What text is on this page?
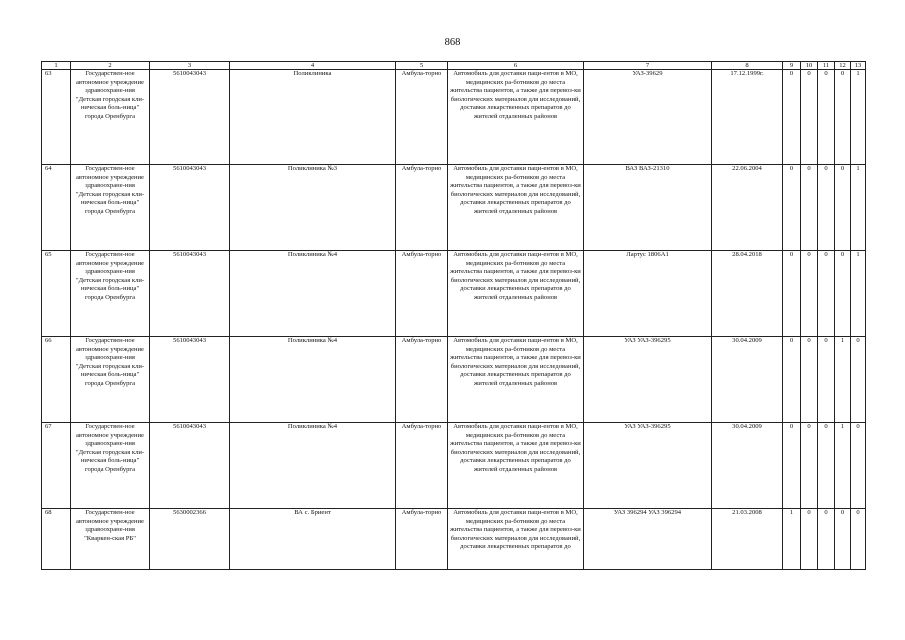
868
1	2	3	4	5	6	7	8	9	10	11	12	13
63	Государствен-ное автономное учреждение здравоохране-ния "Детская городская кли-ническая боль-ница" города Оренбурга	5610043043	Поликлиника	Амбула-торно	Автомобиль для доставки паци-ентов в МО, медицинских ра-ботников до места жительства пациентов, а также для перевоз-ки биологических материалов для исследований, доставки лекарственных препаратов до жителей отдаленных районов	УАЗ-39629	17.12.1999г.	0	0	0	0	1
64	Государствен-ное автономное учреждение здравоохране-ния "Детская городская кли-ническая боль-ница" города Оренбурга	5610043043	Поликлиника №3	Амбула-торно	Автомобиль для доставки паци-ентов в МО, медицинских ра-ботников до места жительства пациентов, а также для перевоз-ки биологических материалов для исследований, доставки лекарственных препаратов до жителей отдаленных районов	ВАЗ ВАЗ-21310	22.06.2004	0	0	0	0	1
65	Государствен-ное автономное учреждение здравоохране-ния "Детская городская кли-ническая боль-ница" города Оренбурга	5610043043	Поликлиника №4	Амбула-торно	Автомобиль для доставки паци-ентов в МО, медицинских ра-ботников до места жительства пациентов, а также для перевоз-ки биологических материалов для исследований, доставки лекарственных препаратов до жителей отдаленных районов	Лартус 1806А1	28.04.2018	0	0	0	0	1
66	Государствен-ное автономное учреждение здравоохране-ния "Детская городская кли-ническая боль-ница" города Оренбурга	5610043043	Поликлиника №4	Амбула-торно	Автомобиль для доставки паци-ентов в МО, медицинских ра-ботников до места жительства пациентов, а также для перевоз-ки биологических материалов для исследований, доставки лекарственных препаратов до жителей отдаленных районов	УАЗ УАЗ-396295	30.04.2009	0	0	0	1	0
67	Государствен-ное автономное учреждение здравоохране-ния "Детская городская кли-ническая боль-ница" города Оренбурга	5610043043	Поликлиника №4	Амбула-торно	Автомобиль для доставки паци-ентов в МО, медицинских ра-ботников до места жительства пациентов, а также для перевоз-ки биологических материалов для исследований, доставки лекарственных препаратов до жителей отдаленных районов	УАЗ УАЗ-396295	30.04.2009	0	0	0	1	0
68	Государствен-ное автономное учреждение здравоохране-ния "Кваркен-ская РБ"	5630002366	ВА с. Бриент	Амбула-торно	Автомобиль для доставки паци-ентов в МО, медицинских ра-ботников до места жительства пациентов, а также для перевоз-ки биологических материалов для исследований, доставки лекарственных препаратов до	УАЗ 396294 УАЗ 396294	21.03.2008	1	0	0	0	0
